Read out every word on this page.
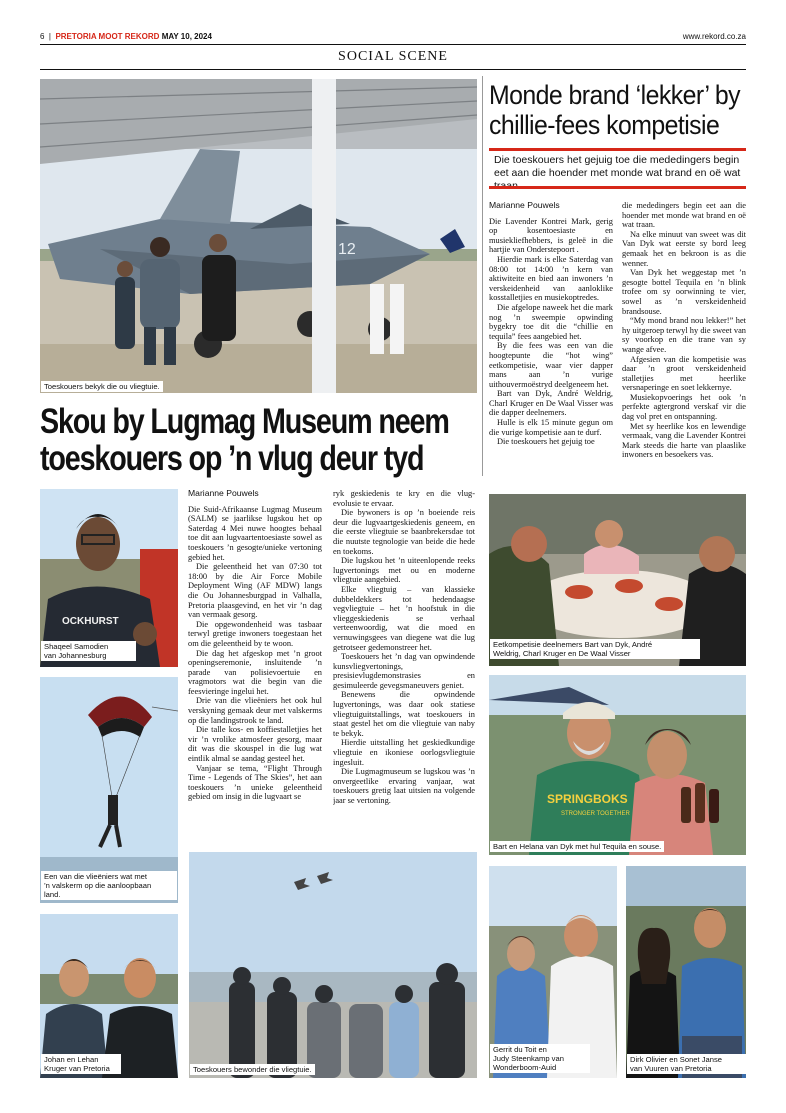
6 | PRETORIA MOOT REKORD MAY 10, 2024	www.rekord.co.za
SOCIAL SCENE
12
Toeskouers bekyk die ou vliegtuie.
Skou by Lugmag Museum neem
toeskouers op ’n vlug deur tyd
OCKHURST
Shaqeel Samodien
van Johannesburg
Een van die vlieëniers wat met
’n valskerm op die aanloopbaan
land.
Johan en Lehan
Kruger van Pretoria
Marianne Pouwels

Die Suid-Afrikaanse Lugmag Museum (SALM) se jaarlikse lugskou het op Saterdag 4 Mei nuwe hoogtes behaal toe dit aan lugvaartentoesiaste sowel as toeskouers ’n gesogte/unieke vertoning gebied het.

Die geleentheid het van 07:30 tot 18:00 by die Air Force Mobile Deployment Wing (AF MDW) langs die Ou Johannesburgpad in Valhalla, Pretoria plaasgevind, en het vir ’n dag van vermaak gesorg.

Die opgewondenheid was tasbaar terwyl gretige inwoners toegestaan het om die geleentheid by te woon.

Die dag het afgeskop met ’n groot openingseremonie, insluitende ’n parade van polisievoertuie en vragmotors wat die begin van die feesvieringe ingelui het.

Drie van die vlieëniers het ook hul verskyning gemaak deur met valskerms op die landingstrook te land.

Die talle kos- en koffiestalletjies het vir ’n vrolike atmosfeer gesorg, maar dit was die skouspel in die lug wat eintlik almal se aandag gesteel het.

Vanjaar se tema, “Flight Through Time - Legends of The Skies”, het aan toeskouers ’n unieke geleentheid gebied om insig in die lugvaart se

ryk geskiedenis te kry en die vlug-evolusie te ervaar.

Die bywoners is op ’n boeiende reis deur die lugvaartgeskiedenis geneem, en die eerste vliegtuie se baanbrekersdae tot die nuutste tegnologie van beide die hede en toekoms.

Die lugskou het ’n uiteenlopende reeks lugvertonings met ou en moderne vliegtuie aangebied.

Elke vliegtuig – van klassieke dubbeldekkers tot hedendaagse vegvliegtuie – het ’n hoofstuk in die vlieggeskiedenis se verhaal verteenwoordig, wat die moed en vernuwingsgees van diegene wat die lug getrotseer gedemonstreer het.

Toeskouers het ’n dag van opwindende kunsvliegvertonings, presisievlugdemonstrasies en gesimuleerde gevegsmaneuvers geniet.

Benewens die opwindende lugvertonings, was daar ook statiese vliegtuiguitstallings, wat toeskouers in staat gestel het om die vliegtuie van naby te bekyk.

Hierdie uitstalling het geskiedkundige vliegtuie en ikoniese oorlogsvliegtuie ingesluit.

Die Lugmagmuseum se lugskou was ’n onvergeetlike ervaring vanjaar, wat toeskouers gretig laat uitsien na volgende jaar se vertoning.

Toeskouers bewonder die vliegtuie.
Monde brand ‘lekker’ by
chillie-fees kompetisie
Die toeskouers het gejuig toe die mededingers begin eet aan die hoender met monde wat brand en oë wat
Marianne Pouwels

Die Lavender Kontrei Mark, gerig op kosentoesiaste en musiekliefhebbers, is geleë in die hartjie van Onderstepoort .

Hierdie mark is elke Saterdag van 08:00 tot 14:00 ’n kern van aktiwiteite en bied aan inwoners ’n verskeidenheid van aanloklike kosstalletjies en musiekoptredes.

Die afgelope naweek het die mark nog ’n sweempie opwinding bygekry toe dit die “chillie en tequila” fees aangebied het.

By die fees was een van die hoogtepunte die “hot wing” eetkompetisie, waar vier dapper mans aan ’n vurige uithouvermoëstryd deelgeneem het.

Bart van Dyk, André Weldrig, Charl Kruger en De Waal Visser was die dapper deelnemers.

Hulle is elk 15 minute gegun om die vurige kompetisie aan te durf.

Die toeskouers het gejuig toe

die mededingers begin eet aan die hoender met monde wat brand en oë wat traan.

Na elke minuut van sweet was dit Van Dyk wat eerste sy bord leeg gemaak het en bekroon is as die wenner.

Van Dyk het weggestap met ’n gesogte bottel Tequila en ’n blink trofee om sy oorwinning te vier, sowel as ’n verskeidenheid brandsouse.

“My mond brand nou lekker!” het hy uitgeroep terwyl hy die sweet van sy voorkop en die trane van sy wange afvee.

Afgesien van die kompetisie was daar ’n groot verskeidenheid stalletjies met heerlike versnaperinge en soet lekkernye.

Musiekopvoerings het ook ’n perfekte agtergrond verskaf vir die dag vol pret en ontspanning.

Met sy heerlike kos en lewendige vermaak, vang die Lavender Kontrei Mark steeds die harte van plaaslike inwoners en besoekers vas.

Eetkompetisie deelnemers Bart van Dyk, André
Weldrig, Charl Kruger en De Waal Visser
SPRINGBOKS
STRONGER TOGETHER
Bart en Helana van Dyk met hul Tequila en souse.
Gerrit du Toit en
Judy Steenkamp van
Wonderboom-Auid
Dirk Olivier en Sonet Janse
van Vuuren van Pretoria
